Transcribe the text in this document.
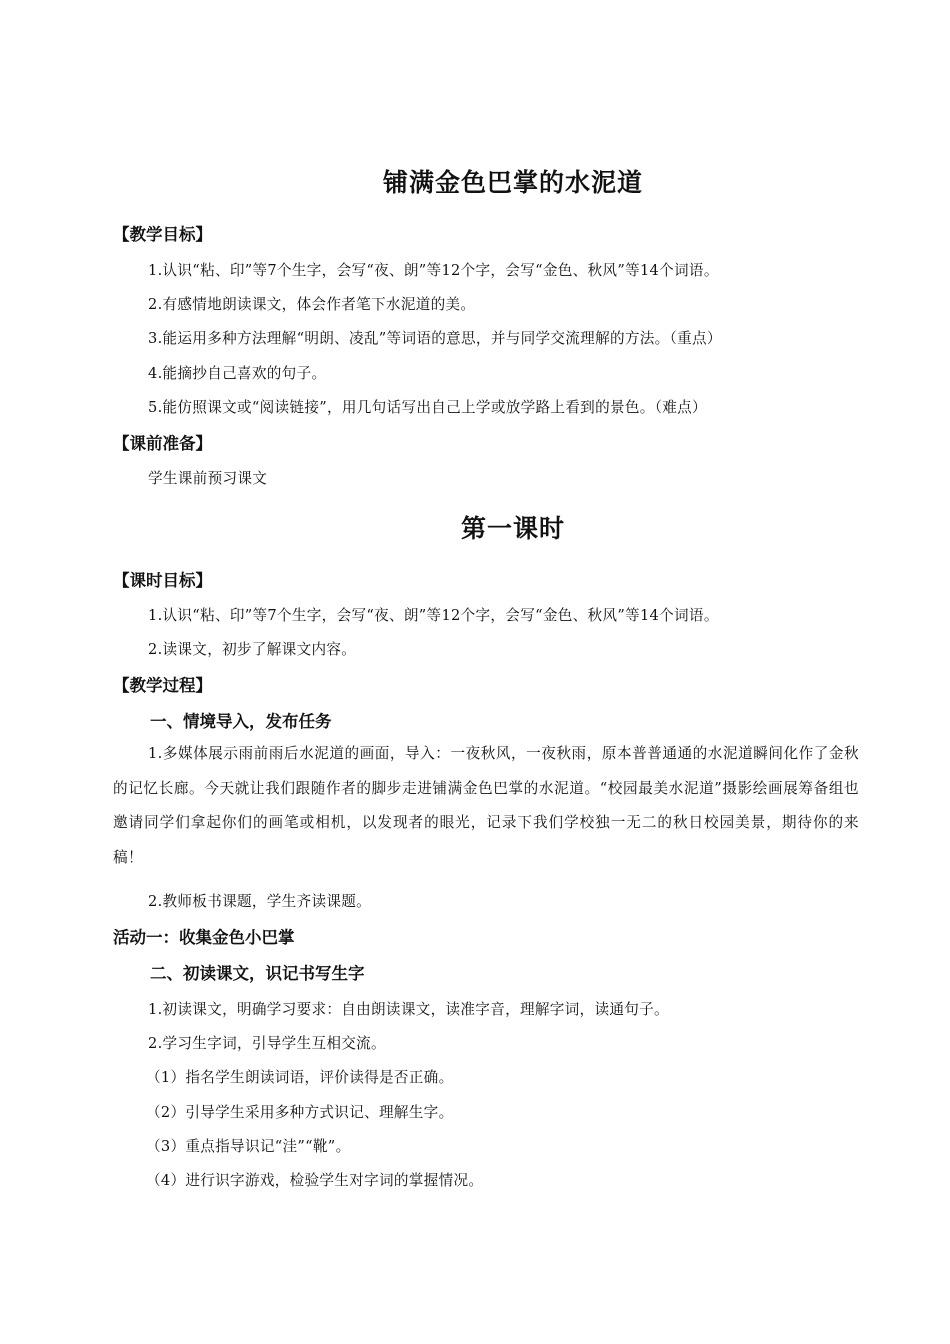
铺满金色巴掌的水泥道
【教学目标】
1.认识“粘、印”等7个生字，会写“夜、朗”等12个字，会写“金色、秋风”等14个词语。
2.有感情地朗读课文，体会作者笔下水泥道的美。
3.能运用多种方法理解“明朗、凌乱”等词语的意思，并与同学交流理解的方法。（重点）
4.能摘抄自己喜欢的句子。
5.能仿照课文或“阅读链接”，用几句话写出自己上学或放学路上看到的景色。（难点）
【课前准备】
学生课前预习课文
第一课时
【课时目标】
1.认识“粘、印”等7个生字，会写“夜、朗”等12个字，会写“金色、秋风”等14个词语。
2.读课文，初步了解课文内容。
【教学过程】
一、情境导入，发布任务
1.多媒体展示雨前雨后水泥道的画面，导入：一夜秋风，一夜秋雨，原本普普通通的水泥道瞬间化作了金秋的记忆长廊。今天就让我们跟随作者的脚步走进铺满金色巴掌的水泥道。“校园最美水泥道”摄影绘画展筹备组也邀请同学们拿起你们的画笔或相机，以发现者的眼光，记录下我们学校独一无二的秋日校园美景，期待你的来稿！
2.教师板书课题，学生齐读课题。
活动一：收集金色小巴掌
二、初读课文，识记书写生字
1.初读课文，明确学习要求：自由朗读课文，读准字音，理解字词，读通句子。
2.学习生字词，引导学生互相交流。
（1）指名学生朗读词语，评价读得是否正确。
（2）引导学生采用多种方式识记、理解生字。
（3）重点指导识记“洼”“靴”。
（4）进行识字游戏，检验学生对字词的掌握情况。
